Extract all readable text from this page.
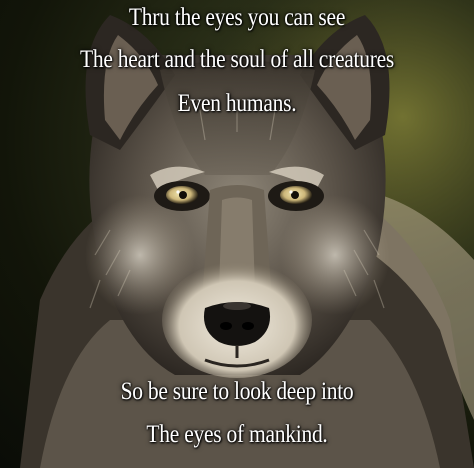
Thru the eyes you can see
The heart and the soul of all creatures
Even humans.
So be sure to look deep into
The eyes of mankind.
